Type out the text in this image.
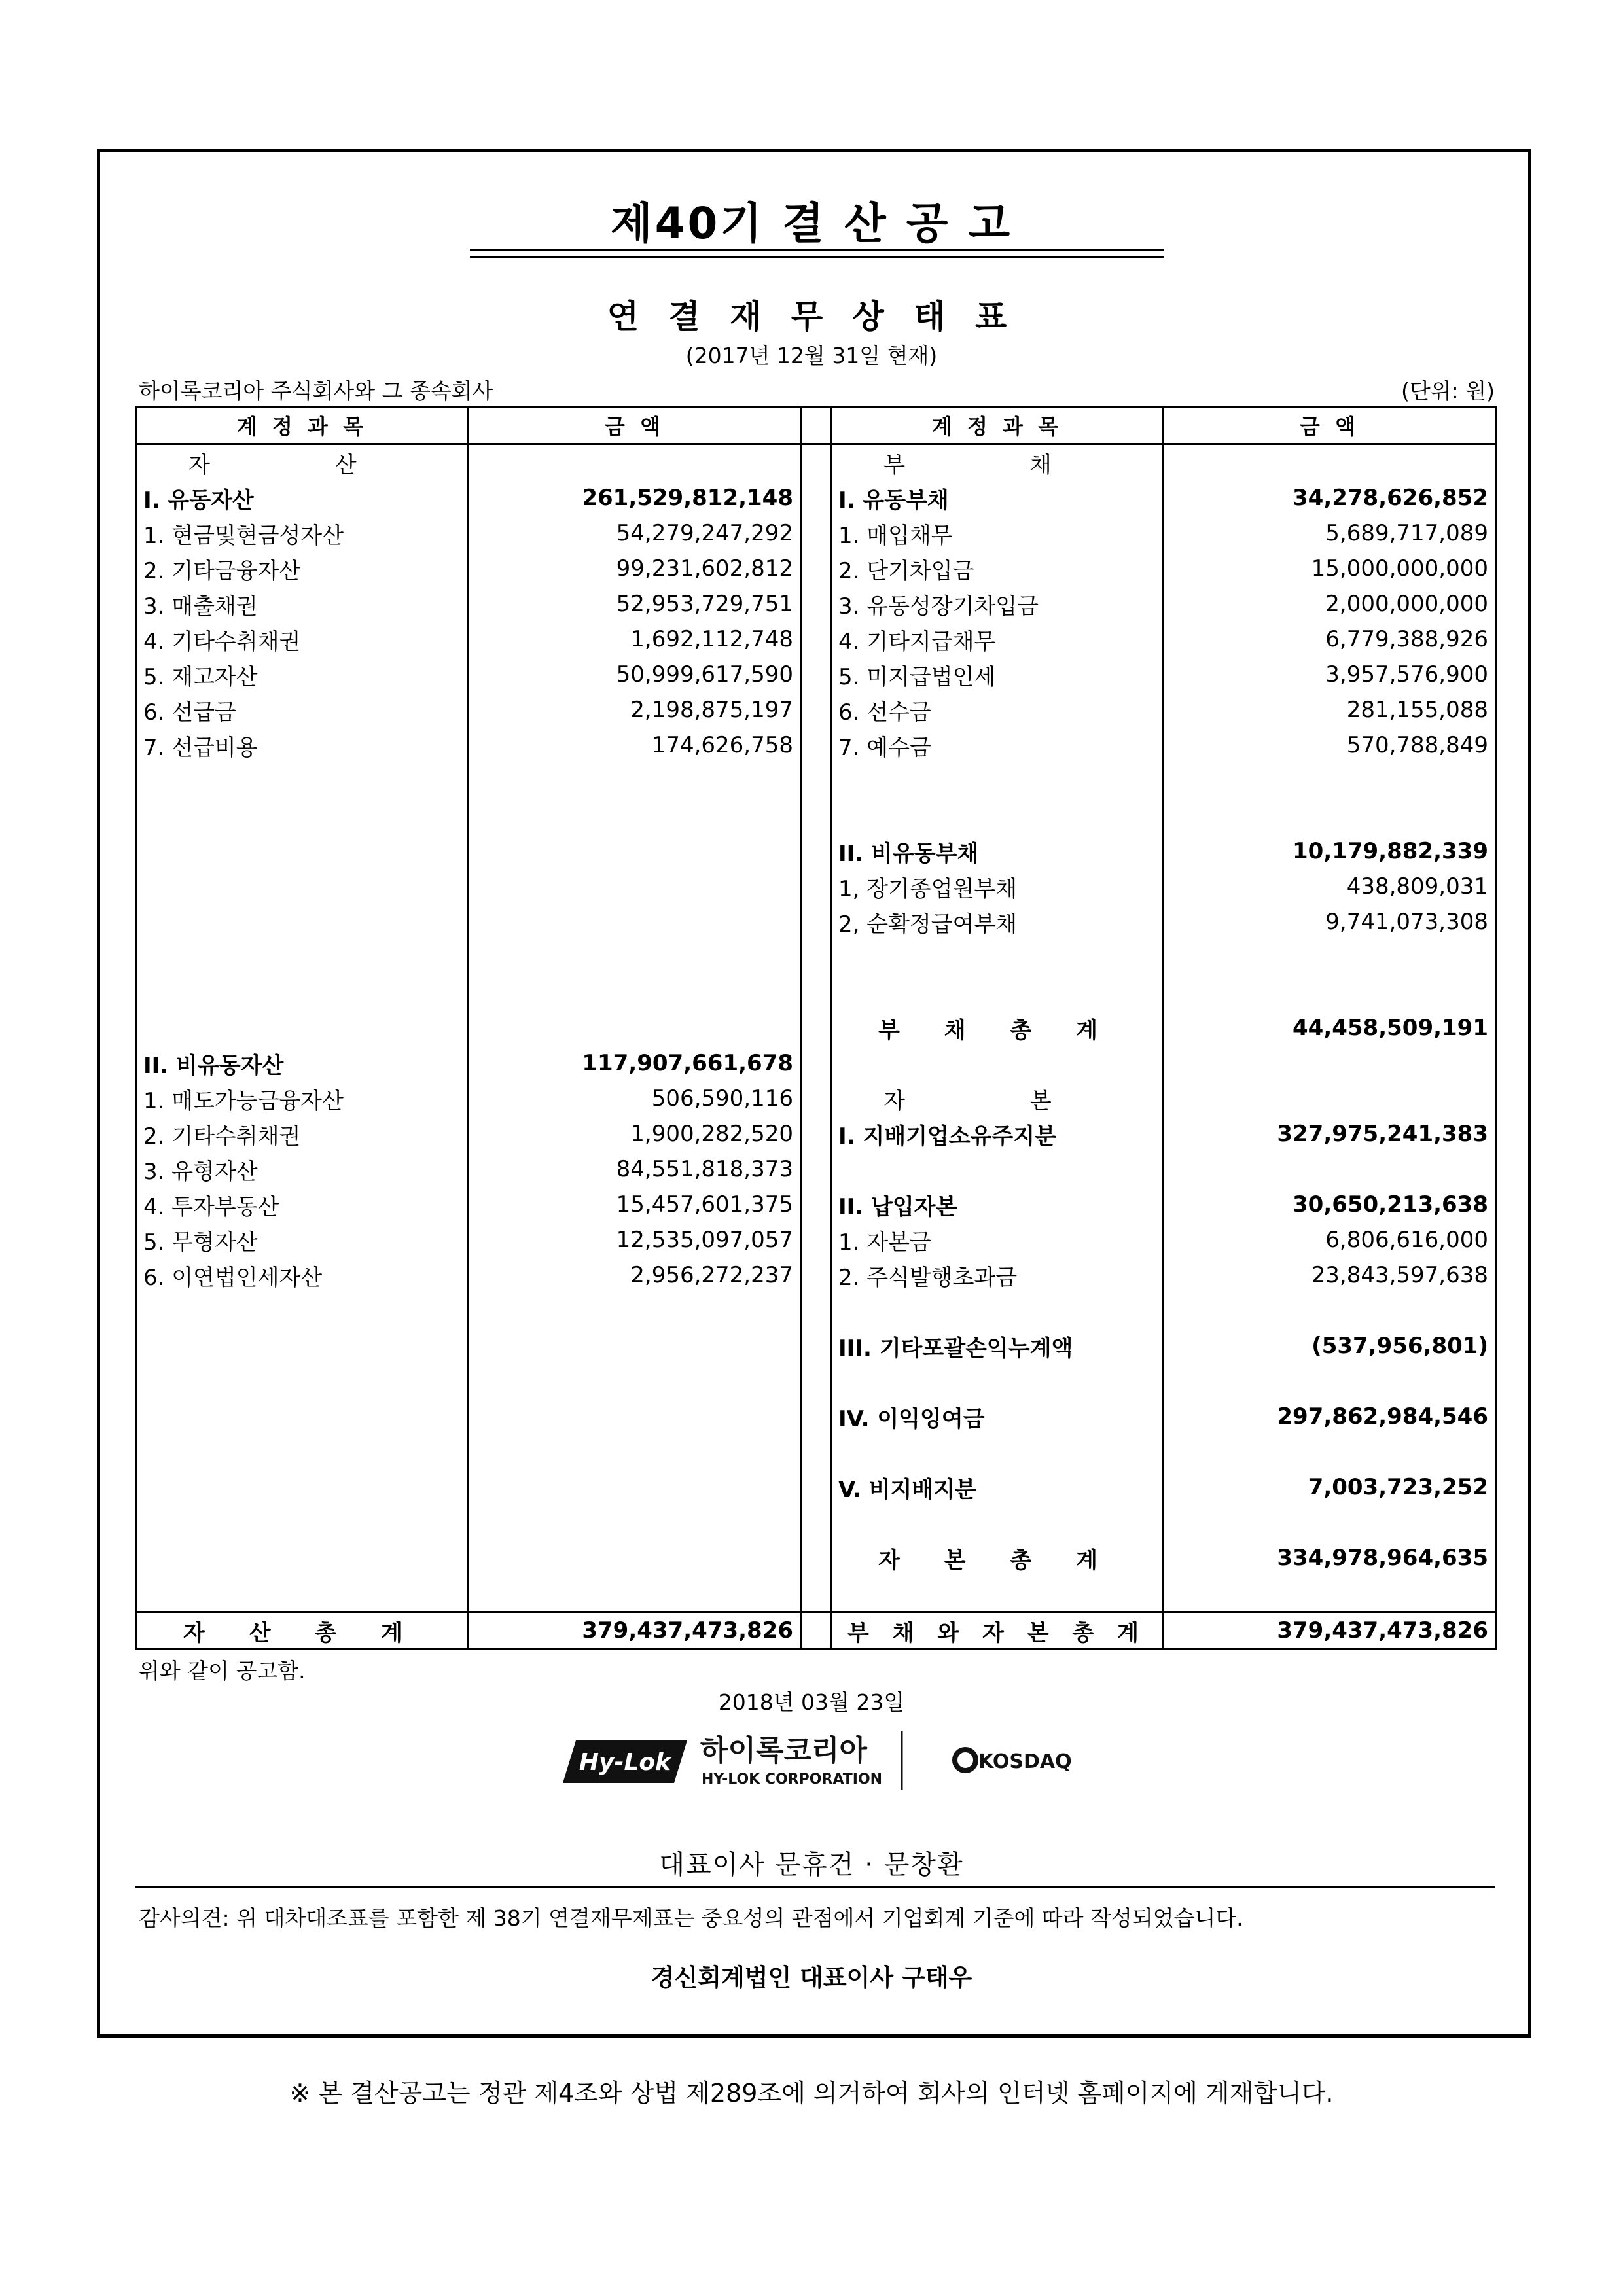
제40기 결 산 공 고
연 결 재 무 상 태 표
(2017년 12월 31일 현재)
하이록코리아 주식회사와 그 종속회사	(단위: 원)
계 정 과 목	금 액		계 정 과 목	금 액
자 산			부 채	
I. 유동자산	261,529,812,148		I. 유동부채	34,278,626,852
1. 현금및현금성자산	54,279,247,292		1. 매입채무	5,689,717,089
2. 기타금융자산	99,231,602,812		2. 단기차입금	15,000,000,000
3. 매출채권	52,953,729,751		3. 유동성장기차입금	2,000,000,000
4. 기타수취채권	1,692,112,748		4. 기타지급채무	6,779,388,926
5. 재고자산	50,999,617,590		5. 미지급법인세	3,957,576,900
6. 선급금	2,198,875,197		6. 선수금	281,155,088
7. 선급비용	174,626,758		7. 예수금	570,788,849

			II. 비유동부채	10,179,882,339
			1, 장기종업원부채	438,809,031
			2, 순확정급여부채	9,741,073,308

			부 채 총 계	44,458,509,191
II. 비유동자산	117,907,661,678			
1. 매도가능금융자산	506,590,116		자 본	
2. 기타수취채권	1,900,282,520		I. 지배기업소유주지분	327,975,241,383
3. 유형자산	84,551,818,373			
4. 투자부동산	15,457,601,375		II. 납입자본	30,650,213,638
5. 무형자산	12,535,097,057		1. 자본금	6,806,616,000
6. 이연법인세자산	2,956,272,237		2. 주식발행초과금	23,843,597,638

			III. 기타포괄손익누계액	(537,956,801)

			IV. 이익잉여금	297,862,984,546

			V. 비지배지분	7,003,723,252

			자 본 총 계	334,978,964,635

자 산 총 계	379,437,473,826		부 채 와 자 본 총 계	379,437,473,826
위와 같이 공고함.
2018년 03월 23일
Hy-Lok 하이록코리아
HY-LOK CORPORATION
KOSDAQ
대표이사 문휴건 · 문창환
감사의견: 위 대차대조표를 포함한 제 38기 연결재무제표는 중요성의 관점에서 기업회계 기준에 따라 작성되었습니다.
경신회계법인 대표이사 구태우
※ 본 결산공고는 정관 제4조와 상법 제289조에 의거하여 회사의 인터넷 홈페이지에 게재합니다.
